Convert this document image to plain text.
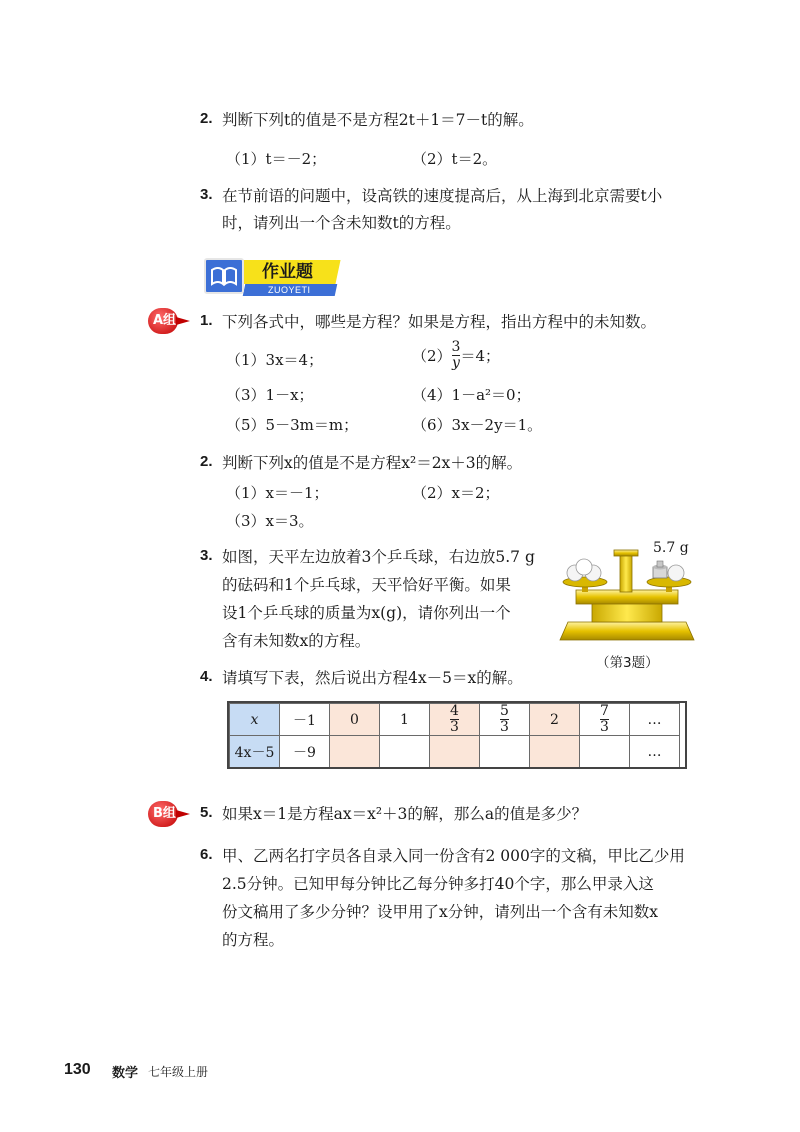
2. 判断下列t的值是不是方程2t＋1＝7－t的解。
（1）t＝－2；	（2）t＝2。
3. 在节前语的问题中，设高铁的速度提高后，从上海到北京需要t小
时，请列出一个含未知数t的方程。
作业题
ZUOYETI
A组 1. 下列各式中，哪些是方程？如果是方程，指出方程中的未知数。
（1）3x＝4；	$(2) \frac{3}{y} =4$；
（3）1－x；	（4）1－a²＝0；
（5）5－3m＝m；	（6）3x－2y＝1。
2. 判断下列x的值是不是方程x²＝2x＋3的解。
（1）x＝－1；	（2）x＝2；
（3）x＝3。
3. 如图，天平左边放着3个乒乓球，右边放5.7 g
的砝码和1个乒乓球，天平恰好平衡。如果
设1个乒乓球的质量为x(g)，请你列出一个
含有未知数x的方程。
5.7 g
（第3题）
4. 请填写下表，然后说出方程4x－5＝x的解。
x	－1	0	1	$\frac{4}{3}$	$\frac{5}{3}$	2	$\frac{7}{3}$	…
4x－5	－9							…
B组 5. 如果x＝1是方程ax＝x²＋3的解，那么a的值是多少？
6. 甲、乙两名打字员各自录入同一份含有2 000字的文稿，甲比乙少用
2.5分钟。已知甲每分钟比乙每分钟多打40个字，那么甲录入这
份文稿用了多少分钟？设甲用了x分钟，请列出一个含有未知数x
的方程。
130 数学 七年级上册
